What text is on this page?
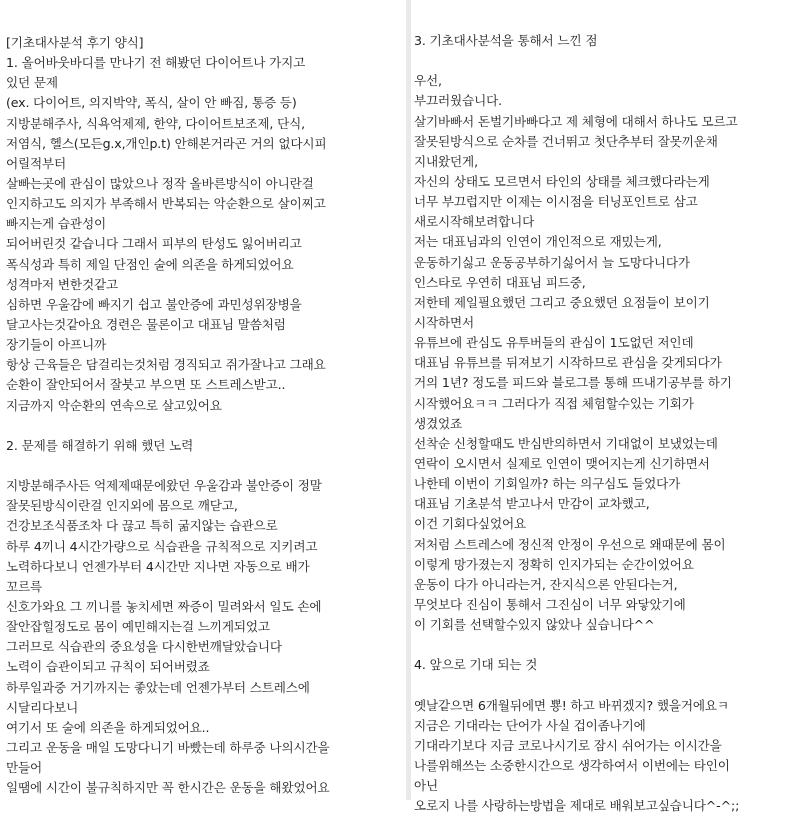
[기초대사분석 후기 양식]
1. 올어바웃바디를 만나기 전 해봤던 다이어트나 가지고
있던 문제
(ex. 다이어트, 의지박약, 폭식, 살이 안 빠짐, 통증 등)
지방분해주사, 식욕억제제, 한약, 다이어트보조제, 단식,
저염식, 헬스(모든g.x,개인p.t) 안해본거라곤 거의 없다시피
어릴적부터
살빠는곳에 관심이 많았으나 정작 올바른방식이 아니란걸
인지하고도 의지가 부족해서 반복되는 악순환으로 살이찌고
빠지는게 습관성이
되어버린것 같습니다 그래서 피부의 탄성도 잃어버리고
폭식성과 특히 제일 단점인 술에 의존을 하게되었어요
성격마저 변한것같고
심하면 우울감에 빠지기 쉽고 불안증에 과민성위장병을
달고사는것같아요 경련은 물론이고 대표님 말씀처럼
장기들이 아프니까
항상 근육들은 담걸리는것처럼 경직되고 쥐가잘나고 그래요
순환이 잘안되어서 잘붓고 부으면 또 스트레스받고..
지금까지 악순환의 연속으로 살고있어요
2. 문제를 해결하기 위해 했던 노력
지방분해주사든 억제제때문에왔던 우울감과 불안증이 정말
잘못된방식이란걸 인지외에 몸으로 깨닫고,
건강보조식품조차 다 끊고 특히 굶지않는 습관으로
하루 4끼니 4시간가량으로 식습관을 규칙적으로 지키려고
노력하다보니 언젠가부터 4시간만 지나면 자동으로 배가
꼬르륵
신호가와요 그 끼니를 놓치세면 짜증이 밀려와서 일도 손에
잘안잡힐정도로 몸이 예민해지는걸 느끼게되었고
그러므로 식습관의 중요성을 다시한번깨달았습니다
노력이 습관이되고 규칙이 되어버렸죠
하루일과중 거기까지는 좋았는데 언젠가부터 스트레스에
시달리다보니
여기서 또 술에 의존을 하게되었어요..
그리고 운동을 매일 도망다니기 바빴는데 하루중 나의시간을
만들어
일땜에 시간이 불규칙하지만 꼭 한시간은 운동을 해왔었어요
3. 기초대사분석을 통해서 느낀 점
우선,
부끄러웠습니다.
살기바빠서 돈벌기바빠다고 제 체형에 대해서 하나도 모르고
잘못된방식으로 순차를 건너뛰고 첫단추부터 잘못끼운채
지내왔던게,
자신의 상태도 모르면서 타인의 상태를 체크했다라는게
너무 부끄럽지만 이제는 이시점을 터닝포인트로 삼고
새로시작해보려합니다
저는 대표님과의 인연이 개인적으로 재밌는게,
운동하기싫고 운동공부하기싫어서 늘 도망다니다가
인스타로 우연히 대표님 피드중,
저한테 제일필요했던 그리고 중요했던 요점들이 보이기
시작하면서
유튜브에 관심도 유투버들의 관심이 1도없던 저인데
대표님 유튜브를 뒤져보기 시작하므로 관심을 갖게되다가
거의 1년? 정도를 피드와 블로그를 통해 뜨내기공부를 하기
시작했어요ㅋㅋ 그러다가 직접 체험할수있는 기회가
생겼었죠
선착순 신청할때도 반심반의하면서 기대없이 보냈었는데
연락이 오시면서 실제로 인연이 맺어지는게 신기하면서
나한테 이번이 기회일까? 하는 의구심도 들었다가
대표님 기초분석 받고나서 만감이 교차했고,
이건 기회다싶었어요
저처럼 스트레스에 정신적 안정이 우선으로 왜때문에 몸이
이렇게 망가졌는지 정확히 인지가되는 순간이었어요
운동이 다가 아니라는거, 잔지식으론 안된다는거,
무엇보다 진심이 통해서 그진심이 너무 와닿았기에
이 기회를 선택할수있지 않았나 싶습니다^^
4. 앞으로 기대 되는 것
옛날같으면 6개월뒤에면 뿅! 하고 바뀌겠지? 했을거에요ㅋ
지금은 기대라는 단어가 사실 겁이좀나기에
기대라기보다 지금 코로나시기로 잠시 쉬어가는 이시간을
나를위해쓰는 소중한시간으로 생각하여서 이번에는 타인이
아닌
오로지 나를 사랑하는방법을 제대로 배워보고싶습니다^-^;;
